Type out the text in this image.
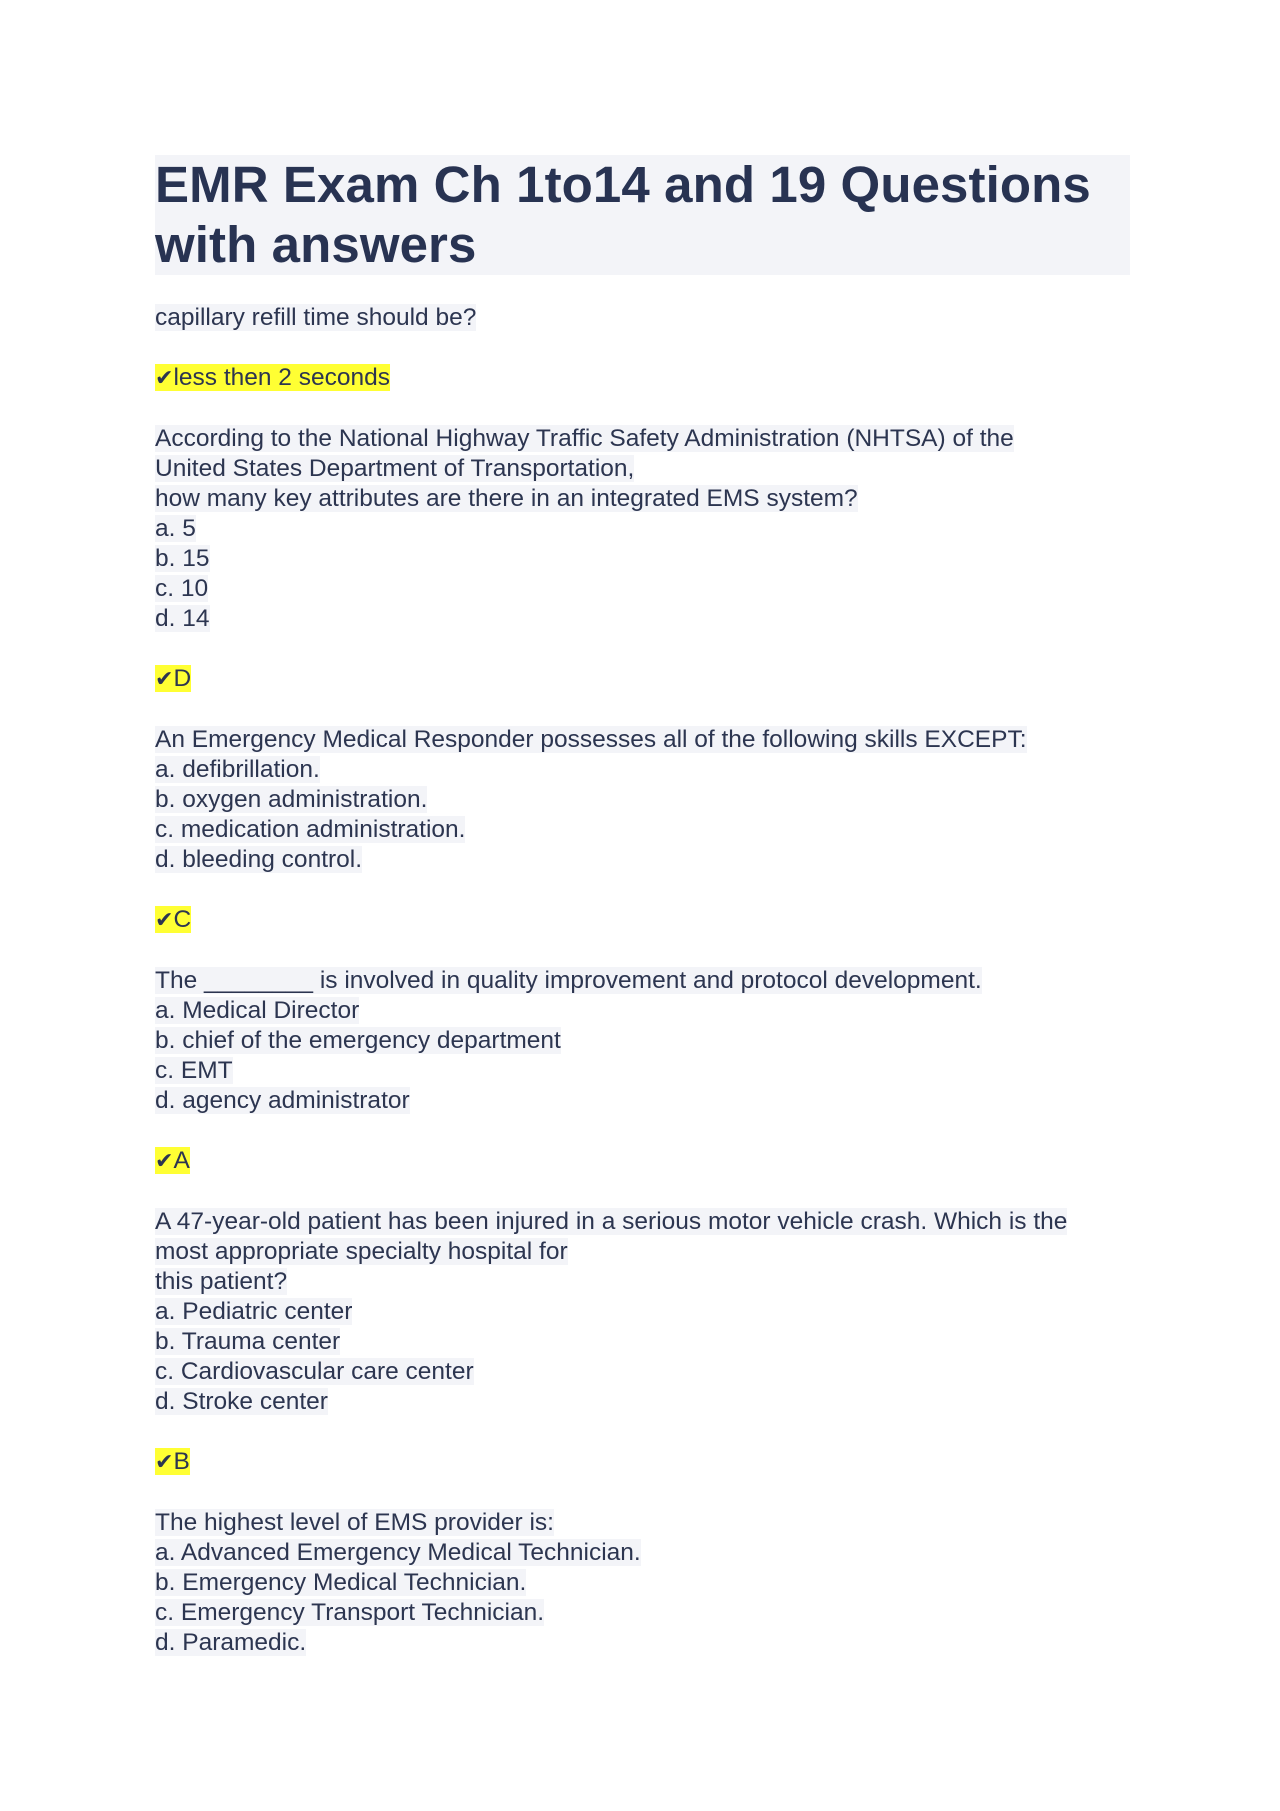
EMR Exam Ch 1to14 and 19 Questions
with answers
capillary refill time should be?
✔less then 2 seconds
According to the National Highway Traffic Safety Administration (NHTSA) of the
United States Department of Transportation,
how many key attributes are there in an integrated EMS system?
a. 5
b. 15
c. 10
d. 14
✔D
An Emergency Medical Responder possesses all of the following skills EXCEPT:
a. defibrillation.
b. oxygen administration.
c. medication administration.
d. bleeding control.
✔C
The ________ is involved in quality improvement and protocol development.
a. Medical Director
b. chief of the emergency department
c. EMT
d. agency administrator
✔A
A 47-year-old patient has been injured in a serious motor vehicle crash. Which is the
most appropriate specialty hospital for
this patient?
a. Pediatric center
b. Trauma center
c. Cardiovascular care center
d. Stroke center
✔B
The highest level of EMS provider is:
a. Advanced Emergency Medical Technician.
b. Emergency Medical Technician.
c. Emergency Transport Technician.
d. Paramedic.
